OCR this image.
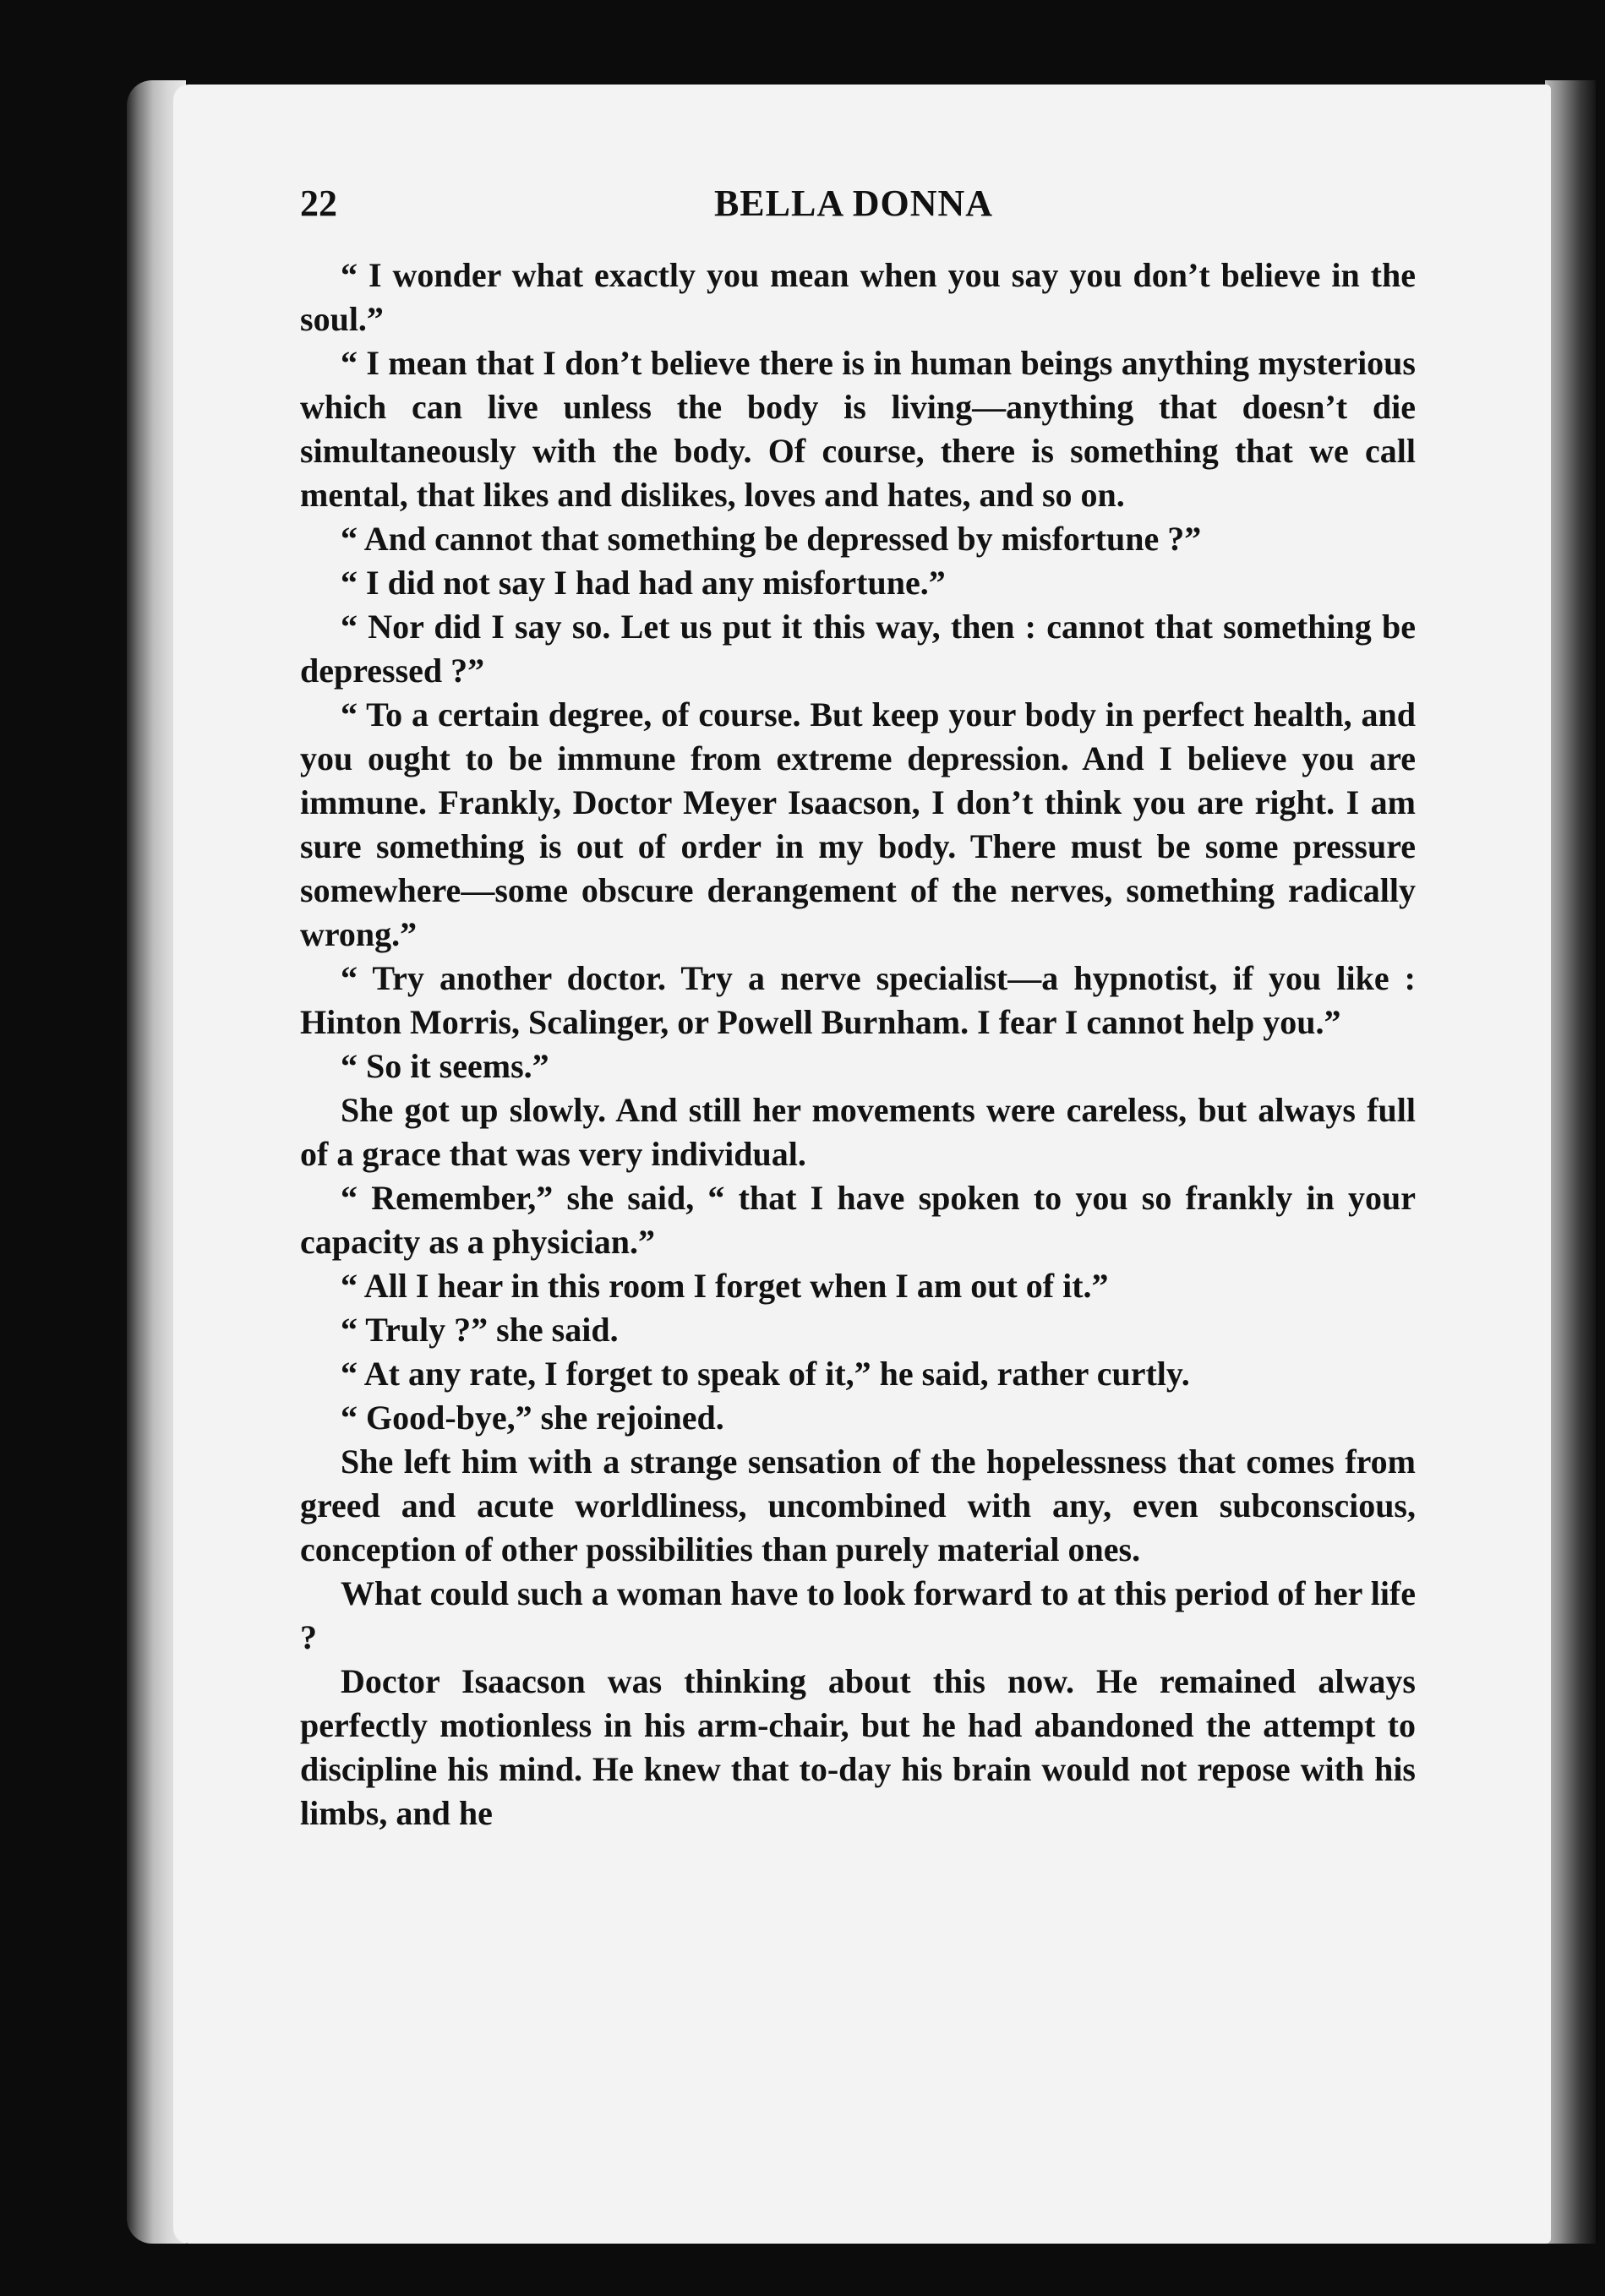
22	BELLA DONNA

“ I wonder what exactly you mean when you say you don’t believe in the soul.”

“ I mean that I don’t believe there is in human beings anything mysterious which can live unless the body is living—anything that doesn’t die simultaneously with the body. Of course, there is something that we call mental, that likes and dislikes, loves and hates, and so on.

“ And cannot that something be depressed by misfortune ?”

“ I did not say I had had any misfortune.”

“ Nor did I say so. Let us put it this way, then : cannot that something be depressed ?”

“ To a certain degree, of course. But keep your body in perfect health, and you ought to be immune from extreme depression. And I believe you are immune. Frankly, Doctor Meyer Isaacson, I don’t think you are right. I am sure something is out of order in my body. There must be some pressure somewhere—some obscure derangement of the nerves, something radically wrong.”

“ Try another doctor. Try a nerve specialist—a hypnotist, if you like : Hinton Morris, Scalinger, or Powell Burnham. I fear I cannot help you.”

“ So it seems.”

She got up slowly. And still her movements were careless, but always full of a grace that was very individual.

“ Remember,” she said, “ that I have spoken to you so frankly in your capacity as a physician.”

“ All I hear in this room I forget when I am out of it.”

“ Truly ?” she said.

“ At any rate, I forget to speak of it,” he said, rather curtly.

“ Good-bye,” she rejoined.

She left him with a strange sensation of the hopelessness that comes from greed and acute worldliness, uncombined with any, even subconscious, conception of other possibilities than purely material ones.

What could such a woman have to look forward to at this period of her life ?

Doctor Isaacson was thinking about this now. He remained always perfectly motionless in his arm-chair, but he had abandoned the attempt to discipline his mind. He knew that to-day his brain would not repose with his limbs, and he
